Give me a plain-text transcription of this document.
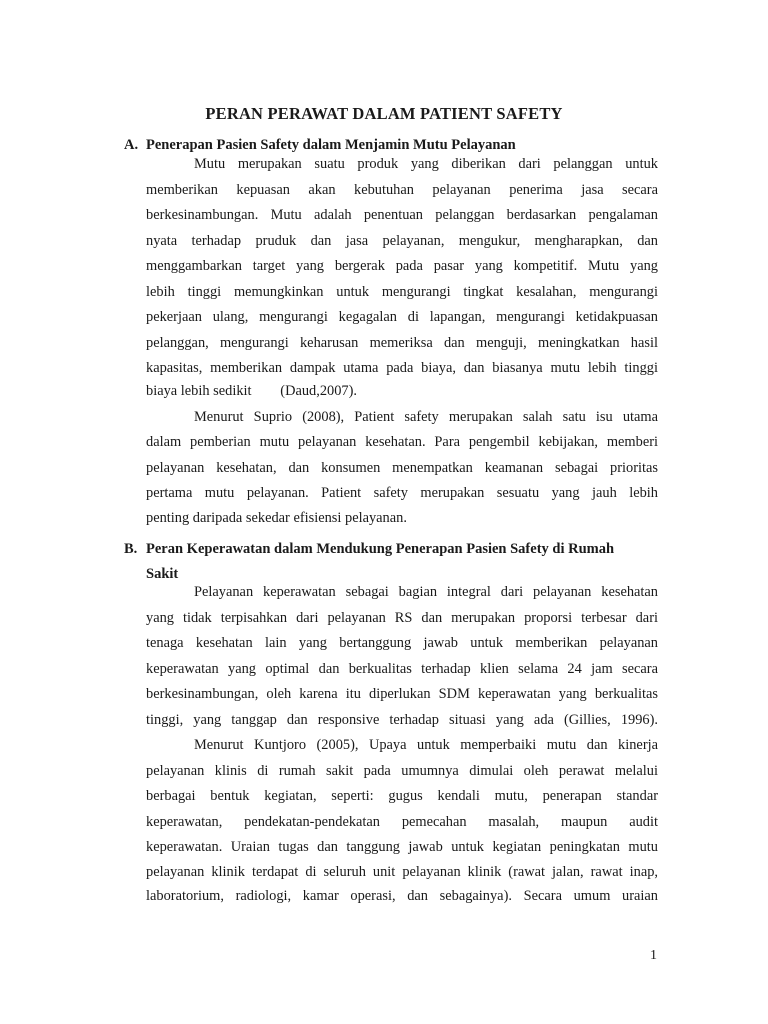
PERAN PERAWAT DALAM PATIENT SAFETY
A. Penerapan Pasien Safety dalam Menjamin Mutu Pelayanan
Mutu merupakan suatu produk yang diberikan dari pelanggan untuk
memberikan kepuasan akan kebutuhan pelayanan penerima jasa secara
berkesinambungan. Mutu adalah penentuan pelanggan berdasarkan pengalaman
nyata terhadap pruduk dan jasa pelayanan, mengukur, mengharapkan, dan
menggambarkan target yang bergerak pada pasar yang kompetitif. Mutu yang
lebih tinggi memungkinkan untuk mengurangi tingkat kesalahan, mengurangi
pekerjaan ulang, mengurangi kegagalan di lapangan, mengurangi ketidakpuasan
pelanggan, mengurangi keharusan memeriksa dan menguji, meningkatkan hasil
kapasitas, memberikan dampak utama pada biaya, dan biasanya mutu lebih tinggi
biaya lebih sedikit        (Daud,2007).
Menurut Suprio (2008), Patient safety merupakan salah satu isu utama
dalam pemberian mutu pelayanan kesehatan. Para pengembil kebijakan, memberi
pelayanan kesehatan, dan konsumen menempatkan keamanan sebagai prioritas
pertama mutu pelayanan. Patient safety merupakan sesuatu yang jauh lebih
penting daripada sekedar efisiensi pelayanan.
B. Peran Keperawatan dalam Mendukung Penerapan Pasien Safety di Rumah
Sakit
Pelayanan keperawatan sebagai bagian integral dari pelayanan kesehatan
yang tidak terpisahkan dari pelayanan RS dan merupakan proporsi terbesar dari
tenaga kesehatan lain yang bertanggung jawab untuk memberikan pelayanan
keperawatan yang optimal dan berkualitas terhadap klien selama 24 jam secara
berkesinambungan, oleh karena itu diperlukan SDM keperawatan yang berkualitas
tinggi, yang tanggap dan responsive terhadap situasi yang ada (Gillies, 1996).
Menurut Kuntjoro (2005), Upaya untuk memperbaiki mutu dan kinerja
pelayanan klinis di rumah sakit pada umumnya dimulai oleh perawat melalui
berbagai bentuk kegiatan, seperti: gugus kendali mutu, penerapan standar
keperawatan, pendekatan-pendekatan pemecahan masalah, maupun audit
keperawatan. Uraian tugas dan tanggung jawab untuk kegiatan peningkatan mutu
pelayanan klinik terdapat di seluruh unit pelayanan klinik (rawat jalan, rawat inap,
laboratorium, radiologi, kamar operasi, dan sebagainya). Secara umum uraian
1
